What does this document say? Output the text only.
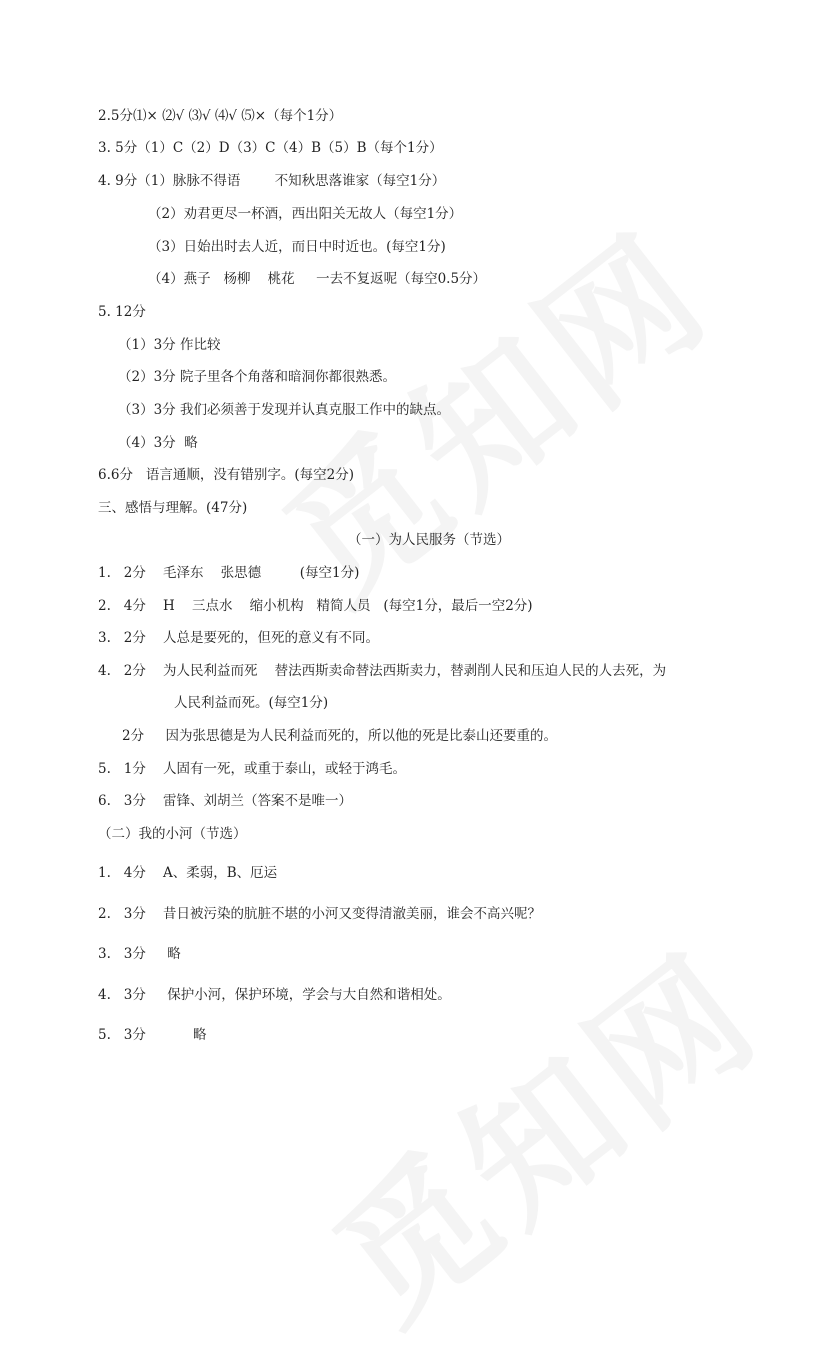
2.5分⑴× ⑵√ ⑶√ ⑷√ ⑸×（每个1分）
3. 5分（1）C（2）D（3）C（4）B（5）B（每个1分）
4. 9分（1）脉脉不得语        不知秋思落谁家（每空1分）
（2）劝君更尽一杯酒，西出阳关无故人（每空1分）
（3）日始出时去人近，而日中时近也。(每空1分)
（4）燕子   杨柳    桃花     一去不复返呢（每空0.5分）
5. 12分
（1）3分 作比较
（2）3分 院子里各个角落和暗洞你都很熟悉。
（3）3分 我们必须善于发现并认真克服工作中的缺点。
（4）3分  略
6.6分   语言通顺，没有错别字。(每空2分)
三、感悟与理解。(47分)
（一）为人民服务（节选）
1.   2分    毛泽东    张思德         (每空1分)
2.   4分    H    三点水    缩小机构   精简人员   (每空1分，最后一空2分)
3.   2分    人总是要死的，但死的意义有不同。
4.   2分    为人民利益而死    替法西斯卖命替法西斯卖力，替剥削人民和压迫人民的人去死，为
人民利益而死。(每空1分)
2分     因为张思德是为人民利益而死的，所以他的死是比泰山还要重的。
5.   1分    人固有一死，或重于泰山，或轻于鸿毛。
6.   3分    雷锋、刘胡兰（答案不是唯一）
（二）我的小河（节选）
1.   4分    A、柔弱，B、厄运
2.   3分    昔日被污染的肮脏不堪的小河又变得清澈美丽，谁会不高兴呢？
3.   3分     略
4.   3分     保护小河，保护环境，学会与大自然和谐相处。
5.   3分           略
